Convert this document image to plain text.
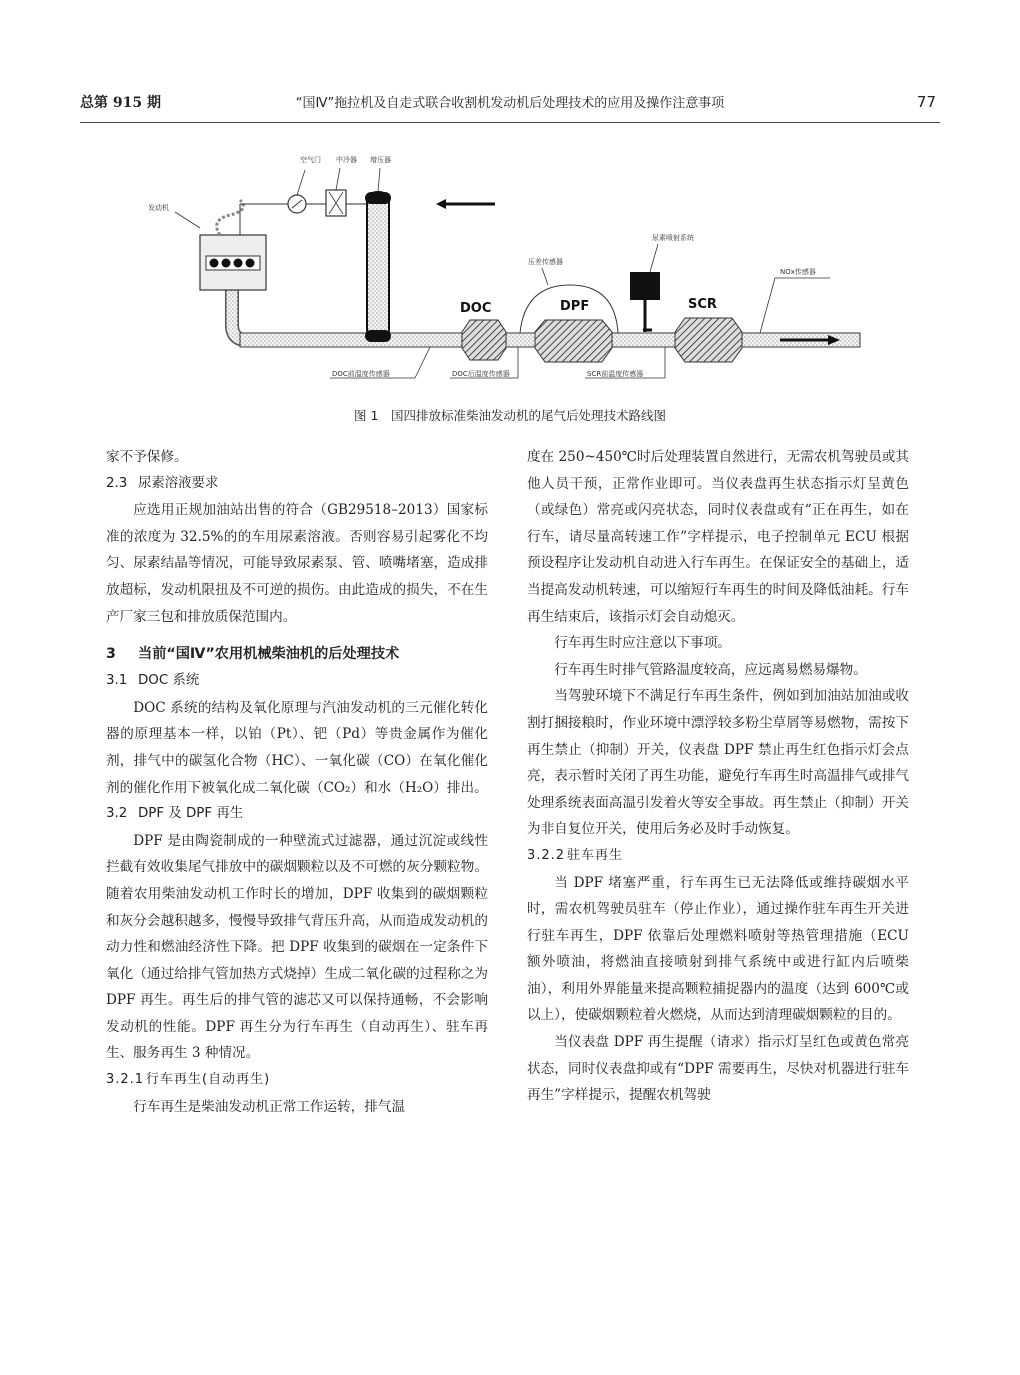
总第 915 期	“国Ⅳ”拖拉机及自走式联合收割机发动机后处理技术的应用及操作注意事项	77
发动机
空气门 中冷器 增压器
DOC	DPF
压差传感器
尿素喷射系统
SCR
NOx传感器
DOC前温度传感器	DOC后温度传感器	SCR前温度传感器
图 1　国四排放标准柴油发动机的尾气后处理技术路线图

家不予保修。

2.3 尿素溶液要求

应选用正规加油站出售的符合（GB29518–2013）国家标准的浓度为 32.5%的的车用尿素溶液。否则容易引起雾化不均匀、尿素结晶等情况，可能导致尿素泵、管、喷嘴堵塞，造成排放超标，发动机限扭及不可逆的损伤。由此造成的损失，不在生产厂家三包和排放质保范围内。

3 当前“国Ⅳ”农用机械柴油机的后处理技术
3.1 DOC 系统

DOC 系统的结构及氧化原理与汽油发动机的三元催化转化器的原理基本一样，以铂（Pt）、钯（Pd）等贵金属作为催化剂，排气中的碳氢化合物（HC）、一氧化碳（CO）在氧化催化剂的催化作用下被氧化成二氧化碳（CO₂）和水（H₂O）排出。

3.2 DPF 及 DPF 再生

DPF 是由陶瓷制成的一种壁流式过滤器，通过沉淀或线性拦截有效收集尾气排放中的碳烟颗粒以及不可燃的灰分颗粒物。随着农用柴油发动机工作时长的增加，DPF 收集到的碳烟颗粒和灰分会越积越多，慢慢导致排气背压升高，从而造成发动机的动力性和燃油经济性下降。把 DPF 收集到的碳烟在一定条件下氧化（通过给排气管加热方式烧掉）生成二氧化碳的过程称之为 DPF 再生。再生后的排气管的滤芯又可以保持通畅，不会影响发动机的性能。DPF 再生分为行车再生（自动再生）、驻车再生、服务再生 3 种情况。

3.2.1 行车再生(自动再生)

行车再生是柴油发动机正常工作运转，排气温

度在 250~450℃时后处理装置自然进行，无需农机驾驶员或其他人员干预，正常作业即可。当仪表盘再生状态指示灯呈黄色（或绿色）常亮或闪亮状态，同时仪表盘或有“正在再生，如在行车，请尽量高转速工作”字样提示，电子控制单元 ECU 根据预设程序让发动机自动进入行车再生。在保证安全的基础上，适当提高发动机转速，可以缩短行车再生的时间及降低油耗。行车再生结束后，该指示灯会自动熄灭。

行车再生时应注意以下事项。

行车再生时排气管路温度较高，应远离易燃易爆物。

当驾驶环境下不满足行车再生条件，例如到加油站加油或收割打捆接粮时，作业环境中漂浮较多粉尘草屑等易燃物，需按下再生禁止（抑制）开关，仪表盘 DPF 禁止再生红色指示灯会点亮，表示暂时关闭了再生功能，避免行车再生时高温排气或排气处理系统表面高温引发着火等安全事故。再生禁止（抑制）开关为非自复位开关，使用后务必及时手动恢复。

3.2.2 驻车再生

当 DPF 堵塞严重，行车再生已无法降低或维持碳烟水平时，需农机驾驶员驻车（停止作业），通过操作驻车再生开关进行驻车再生，DPF 依靠后处理燃料喷射等热管理措施（ECU 额外喷油，将燃油直接喷射到排气系统中或进行缸内后喷柴油），利用外界能量来提高颗粒捕捉器内的温度（达到 600℃或以上），使碳烟颗粒着火燃烧，从而达到清理碳烟颗粒的目的。

当仪表盘 DPF 再生提醒（请求）指示灯呈红色或黄色常亮状态，同时仪表盘抑或有“DPF 需要再生，尽快对机器进行驻车再生”字样提示，提醒农机驾驶
